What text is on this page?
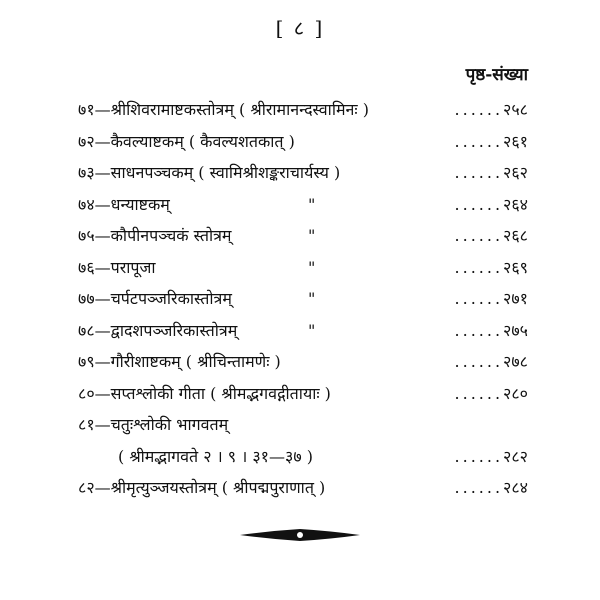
[ ८ ]
पृष्ठ-संख्या
७१—श्रीशिवरामाष्टकस्तोत्रम् ( श्रीरामानन्दस्वामिनः )	......२५८
७२—कैवल्याष्टकम् ( कैवल्यशतकात् )	......२६१
७३—साधनपञ्चकम् ( स्वामिश्रीशङ्कराचार्यस्य )	......२६२
७४—धन्याष्टकम्	"	......२६४
७५—कौपीनपञ्चकं स्तोत्रम्	"	......२६८
७६—परापूजा	"	......२६९
७७—चर्पटपञ्जरिकास्तोत्रम्	"	......२७१
७८—द्वादशपञ्जरिकास्तोत्रम्	"	......२७५
७९—गौरीशाष्टकम् ( श्रीचिन्तामणेः )	......२७८
८०—सप्तश्लोकी गीता ( श्रीमद्भगवद्गीतायाः )	......२८०
८१—चतुःश्लोकी भागवतम्
( श्रीमद्भागवते २ । ९ । ३१—३७ )	......२८२
८२—श्रीमृत्युञ्जयस्तोत्रम् ( श्रीपद्मपुराणात् )	......२८४
